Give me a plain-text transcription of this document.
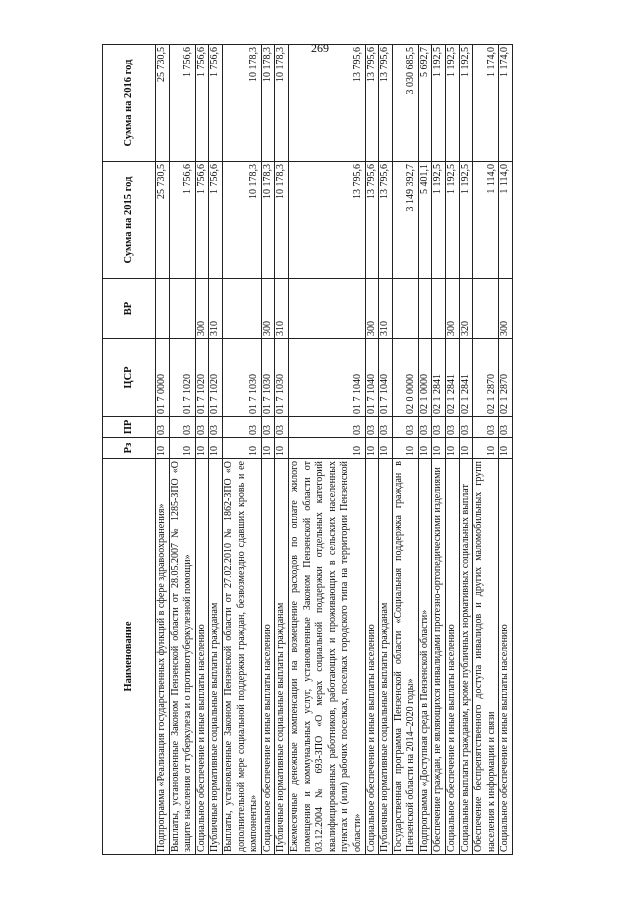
269
Наименование	Рз	ПР	ЦСР	ВР	Сумма на 2015 год	Сумма на 2016 год
Подпрограмма «Реализация государственных функций в сфере здравоохранения»	10	03	01 7 0000		25 730,5	25 730,5
Выплаты, установленные Законом Пензенской области от 28.05.2007 № 1285-ЗПО «О защите населения от туберкулеза и о противотуберкулезной помощи»	10	03	01 7 1020		1 756,6	1 756,6
Социальное обеспечение и иные выплаты населению	10	03	01 7 1020	300	1 756,6	1 756,6
Публичные нормативные социальные выплаты гражданам	10	03	01 7 1020	310	1 756,6	1 756,6
Выплаты, установленные Законом Пензенской области от 27.02.2010 № 1862-ЗПО «О дополнительной мере социальной поддержки граждан, безвозмездно сдавших кровь и ее компоненты»	10	03	01 7 1030		10 178,3	10 178,3
Социальное обеспечение и иные выплаты населению	10	03	01 7 1030	300	10 178,3	10 178,3
Публичные нормативные социальные выплаты гражданам	10	03	01 7 1030	310	10 178,3	10 178,3
Ежемесячные денежные компенсации на возмещение расходов по оплате жилого помещения и коммунальных услуг, установленные Законом Пензенской области от 03.12.2004 № 693-ЗПО «О мерах социальной поддержки отдельных категорий квалифицированных работников, работающих и проживающих в сельских населенных пунктах и (или) рабочих поселках, поселках городского типа на территории Пензенской области»	10	03	01 7 1040		13 795,6	13 795,6
Социальное обеспечение и иные выплаты населению	10	03	01 7 1040	300	13 795,6	13 795,6
Публичные нормативные социальные выплаты гражданам	10	03	01 7 1040	310	13 795,6	13 795,6
Государственная программа Пензенской области «Социальная поддержка граждан в Пензенской области на 2014–2020 годы»	10	03	02 0 0000		3 149 392,7	3 030 685,5
Подпрограмма «Доступная среда в Пензенской области»	10	03	02 1 0000		5 401,1	5 692,7
Обеспечение граждан, не являющихся инвалидами протезно-ортопедическими изделиями	10	03	02 1 2841		1 192,5	1 192,5
Социальное обеспечение и иные выплаты населению	10	03	02 1 2841	300	1 192,5	1 192,5
Социальные выплаты гражданам, кроме публичных нормативных социальных выплат	10	03	02 1 2841	320	1 192,5	1 192,5
Обеспечение беспрепятственного доступа инвалидов и других маломобильных групп населения к информации и связи	10	03	02 1 2870		1 114,0	1 174,0
Социальное обеспечение и иные выплаты населению	10	03	02 1 2870	300	1 114,0	1 174,0
